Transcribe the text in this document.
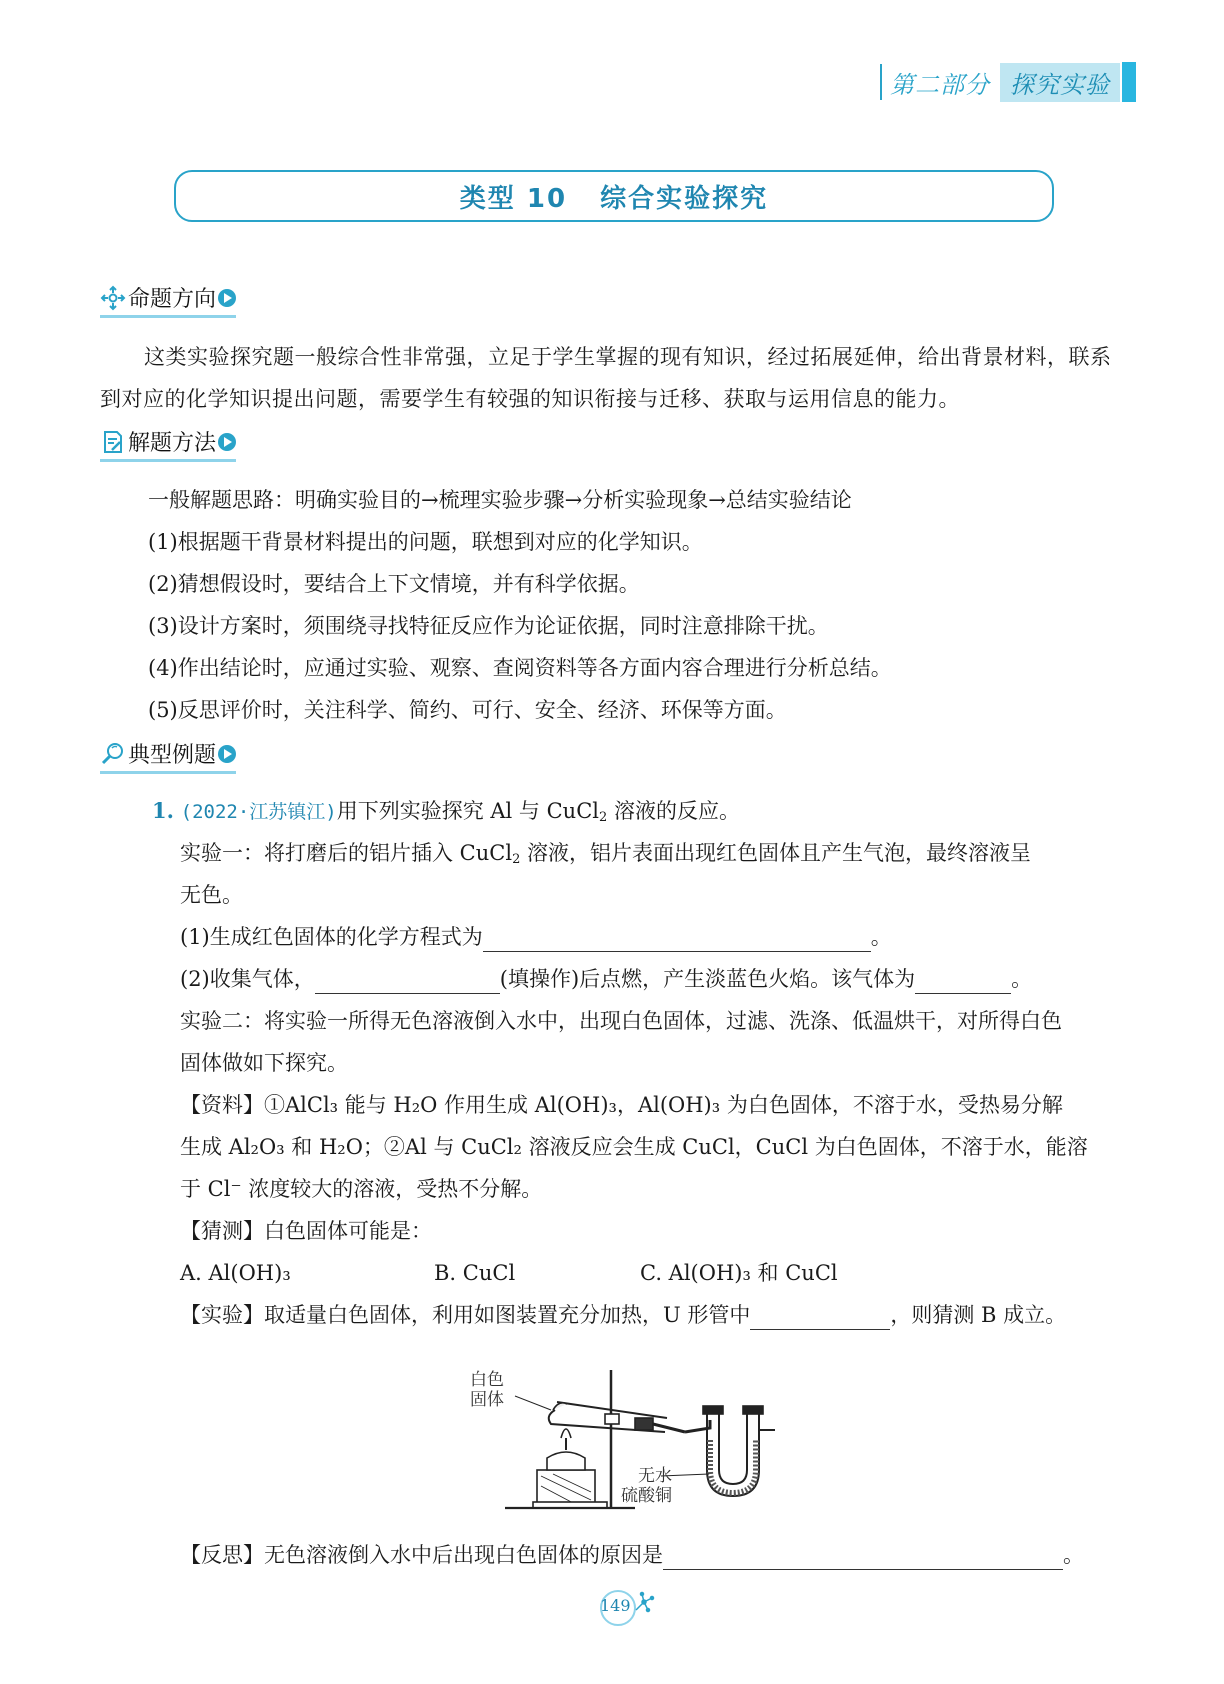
第二部分 探究实验
类型 10   综合实验探究
命题方向
这类实验探究题一般综合性非常强，立足于学生掌握的现有知识，经过拓展延伸，给出背景材料，联系到对应的化学知识提出问题，需要学生有较强的知识衔接与迁移、获取与运用信息的能力。
解题方法
一般解题思路：明确实验目的→梳理实验步骤→分析实验现象→总结实验结论
(1)根据题干背景材料提出的问题，联想到对应的化学知识。
(2)猜想假设时，要结合上下文情境，并有科学依据。
(3)设计方案时，须围绕寻找特征反应作为论证依据，同时注意排除干扰。
(4)作出结论时，应通过实验、观察、查阅资料等各方面内容合理进行分析总结。
(5)反思评价时，关注科学、简约、可行、安全、经济、环保等方面。
典型例题
1. (2022·江苏镇江)用下列实验探究 Al 与 CuCl$_2$ 溶液的反应。
实验一：将打磨后的铝片插入 CuCl$_2$ 溶液，铝片表面出现红色固体且产生气泡，最终溶液呈
无色。
(1)生成红色固体的化学方程式为	。
(2)收集气体，	(填操作)后点燃，产生淡蓝色火焰。该气体为	。
实验二：将实验一所得无色溶液倒入水中，出现白色固体，过滤、洗涤、低温烘干，对所得白色
固体做如下探究。
【资料】①AlCl₃ 能与 H₂O 作用生成 Al(OH)₃，Al(OH)₃ 为白色固体，不溶于水，受热易分解
生成 Al₂O₃ 和 H₂O；②Al 与 CuCl₂ 溶液反应会生成 CuCl，CuCl 为白色固体，不溶于水，能溶
于 Cl⁻ 浓度较大的溶液，受热不分解。
【猜测】白色固体可能是：
A. Al(OH)₃	B. CuCl	C. Al(OH)₃ 和 CuCl
【实验】取适量白色固体，利用如图装置充分加热，U 形管中	，则猜测 B 成立。
白色
固体
无水
硫酸铜
【反思】无色溶液倒入水中后出现白色固体的原因是	。
149
